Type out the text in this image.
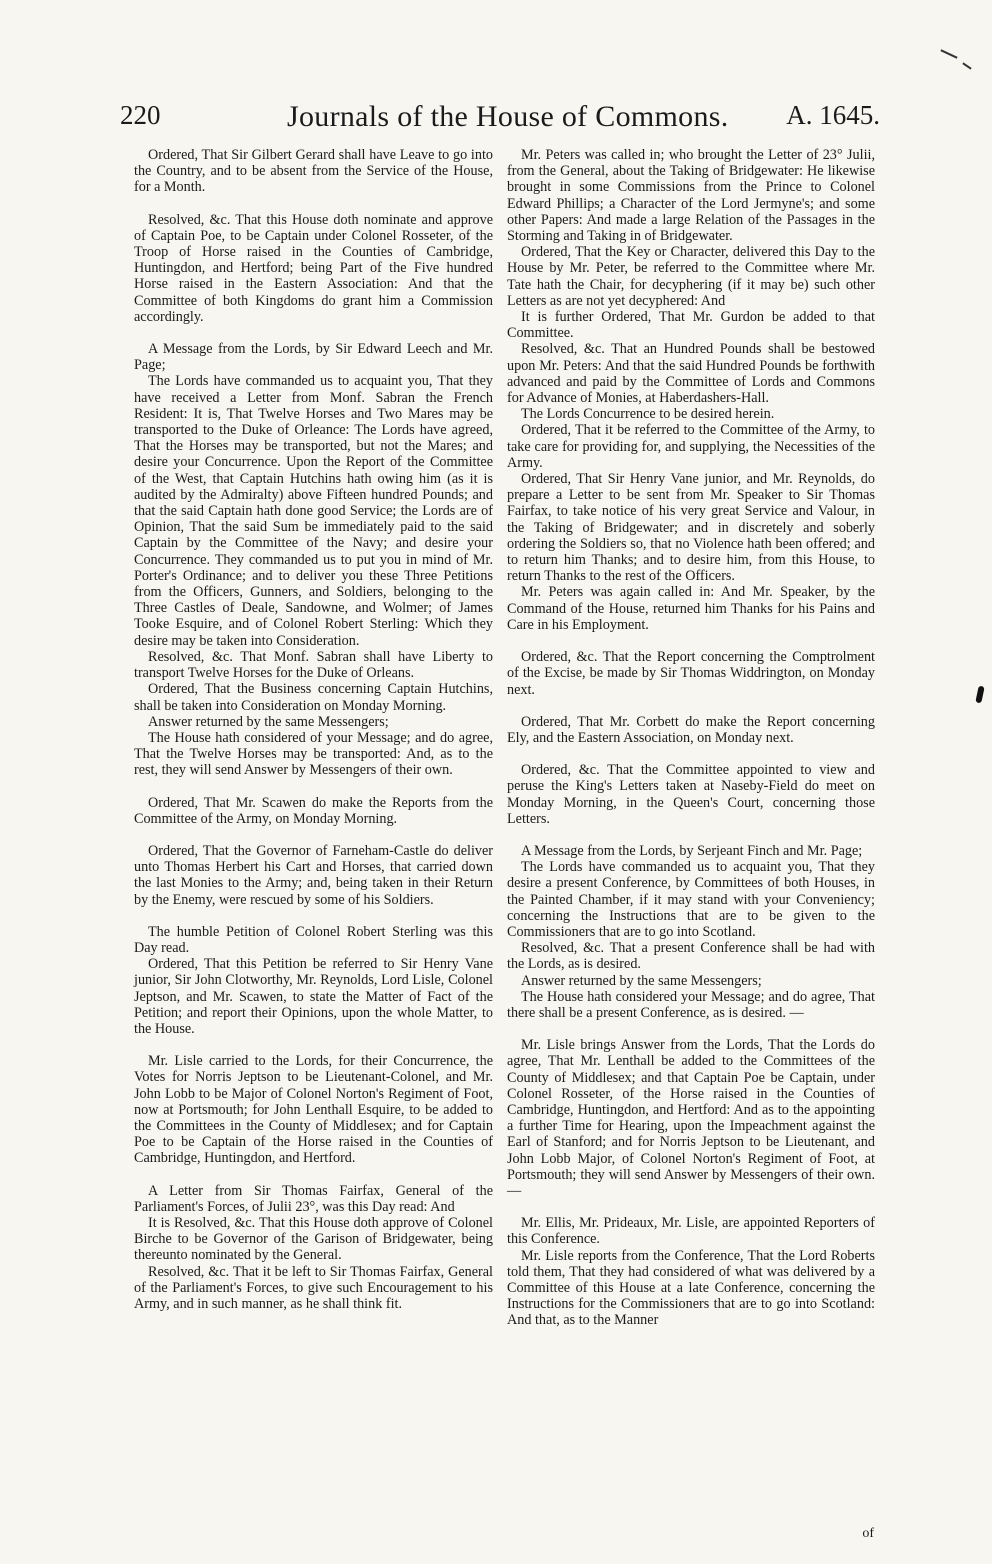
220	Journals of the House of Commons. A. 1645.

Ordered, That Sir Gilbert Gerard shall have Leave to go into the Country, and to be absent from the Service of the House, for a Month.

Resolved, &c. That this House doth nominate and approve of Captain Poe, to be Captain under Colonel Rosseter, of the Troop of Horse raised in the Counties of Cambridge, Huntingdon, and Hertford; being Part of the Five hundred Horse raised in the Eastern Association: And that the Committee of both Kingdoms do grant him a Commission accordingly.

A Message from the Lords, by Sir Edward Leech and Mr. Page;

The Lords have commanded us to acquaint you, That they have received a Letter from Monf. Sabran the French Resident: It is, That Twelve Horses and Two Mares may be transported to the Duke of Orleance: The Lords have agreed, That the Horses may be transported, but not the Mares; and desire your Concurrence. Upon the Report of the Committee of the West, that Captain Hutchins hath owing him (as it is audited by the Admiralty) above Fifteen hundred Pounds; and that the said Captain hath done good Service; the Lords are of Opinion, That the said Sum be immediately paid to the said Captain by the Committee of the Navy; and desire your Concurrence. They commanded us to put you in mind of Mr. Porter's Ordinance; and to deliver you these Three Petitions from the Officers, Gunners, and Soldiers, belonging to the Three Castles of Deale, Sandowne, and Wolmer; of James Tooke Esquire, and of Colonel Robert Sterling: Which they desire may be taken into Consideration.

Resolved, &c. That Monf. Sabran shall have Liberty to transport Twelve Horses for the Duke of Orleans.

Ordered, That the Business concerning Captain Hutchins, shall be taken into Consideration on Monday Morning.

Answer returned by the same Messengers;

The House hath considered of your Message; and do agree, That the Twelve Horses may be transported: And, as to the rest, they will send Answer by Messengers of their own.

Ordered, That Mr. Scawen do make the Reports from the Committee of the Army, on Monday Morning.

Ordered, That the Governor of Farneham-Castle do deliver unto Thomas Herbert his Cart and Horses, that carried down the last Monies to the Army; and, being taken in their Return by the Enemy, were rescued by some of his Soldiers.

The humble Petition of Colonel Robert Sterling was this Day read.

Ordered, That this Petition be referred to Sir Henry Vane junior, Sir John Clotworthy, Mr. Reynolds, Lord Lisle, Colonel Jeptson, and Mr. Scawen, to state the Matter of Fact of the Petition; and report their Opinions, upon the whole Matter, to the House.

Mr. Lisle carried to the Lords, for their Concurrence, the Votes for Norris Jeptson to be Lieutenant-Colonel, and Mr. John Lobb to be Major of Colonel Norton's Regiment of Foot, now at Portsmouth; for John Lenthall Esquire, to be added to the Committees in the County of Middlesex; and for Captain Poe to be Captain of the Horse raised in the Counties of Cambridge, Huntingdon, and Hertford.

A Letter from Sir Thomas Fairfax, General of the Parliament's Forces, of Julii 23°, was this Day read: And

It is Resolved, &c. That this House doth approve of Colonel Birche to be Governor of the Garison of Bridgewater, being thereunto nominated by the General.

Resolved, &c. That it be left to Sir Thomas Fairfax, General of the Parliament's Forces, to give such Encouragement to his Army, and in such manner, as he shall think fit.

Mr. Peters was called in; who brought the Letter of 23° Julii, from the General, about the Taking of Bridgewater: He likewise brought in some Commissions from the Prince to Colonel Edward Phillips; a Character of the Lord Jermyne's; and some other Papers: And made a large Relation of the Passages in the Storming and Taking in of Bridgewater.

Ordered, That the Key or Character, delivered this Day to the House by Mr. Peter, be referred to the Committee where Mr. Tate hath the Chair, for decyphering (if it may be) such other Letters as are not yet decyphered: And

It is further Ordered, That Mr. Gurdon be added to that Committee.

Resolved, &c. That an Hundred Pounds shall be bestowed upon Mr. Peters: And that the said Hundred Pounds be forthwith advanced and paid by the Committee of Lords and Commons for Advance of Monies, at Haberdashers-Hall.

The Lords Concurrence to be desired herein.

Ordered, That it be referred to the Committee of the Army, to take care for providing for, and supplying, the Necessities of the Army.

Ordered, That Sir Henry Vane junior, and Mr. Reynolds, do prepare a Letter to be sent from Mr. Speaker to Sir Thomas Fairfax, to take notice of his very great Service and Valour, in the Taking of Bridgewater; and in discretely and soberly ordering the Soldiers so, that no Violence hath been offered; and to return him Thanks; and to desire him, from this House, to return Thanks to the rest of the Officers.

Mr. Peters was again called in: And Mr. Speaker, by the Command of the House, returned him Thanks for his Pains and Care in his Employment.

Ordered, &c. That the Report concerning the Comptrolment of the Excise, be made by Sir Thomas Widdrington, on Monday next.

Ordered, That Mr. Corbett do make the Report concerning Ely, and the Eastern Association, on Monday next.

Ordered, &c. That the Committee appointed to view and peruse the King's Letters taken at Naseby-Field do meet on Monday Morning, in the Queen's Court, concerning those Letters.

A Message from the Lords, by Serjeant Finch and Mr. Page;

The Lords have commanded us to acquaint you, That they desire a present Conference, by Committees of both Houses, in the Painted Chamber, if it may stand with your Conveniency; concerning the Instructions that are to be given to the Commissioners that are to go into Scotland.

Resolved, &c. That a present Conference shall be had with the Lords, as is desired.

Answer returned by the same Messengers;

The House hath considered your Message; and do agree, That there shall be a present Conference, as is desired. —

Mr. Lisle brings Answer from the Lords, That the Lords do agree, That Mr. Lenthall be added to the Committees of the County of Middlesex; and that Captain Poe be Captain, under Colonel Rosseter, of the Horse raised in the Counties of Cambridge, Huntingdon, and Hertford: And as to the appointing a further Time for Hearing, upon the Impeachment against the Earl of Stanford; and for Norris Jeptson to be Lieutenant, and John Lobb Major, of Colonel Norton's Regiment of Foot, at Portsmouth; they will send Answer by Messengers of their own.—

Mr. Ellis, Mr. Prideaux, Mr. Lisle, are appointed Reporters of this Conference.

Mr. Lisle reports from the Conference, That the Lord Roberts told them, That they had considered of what was delivered by a Committee of this House at a late Conference, concerning the Instructions for the Commissioners that are to go into Scotland: And that, as to the Manner

of
